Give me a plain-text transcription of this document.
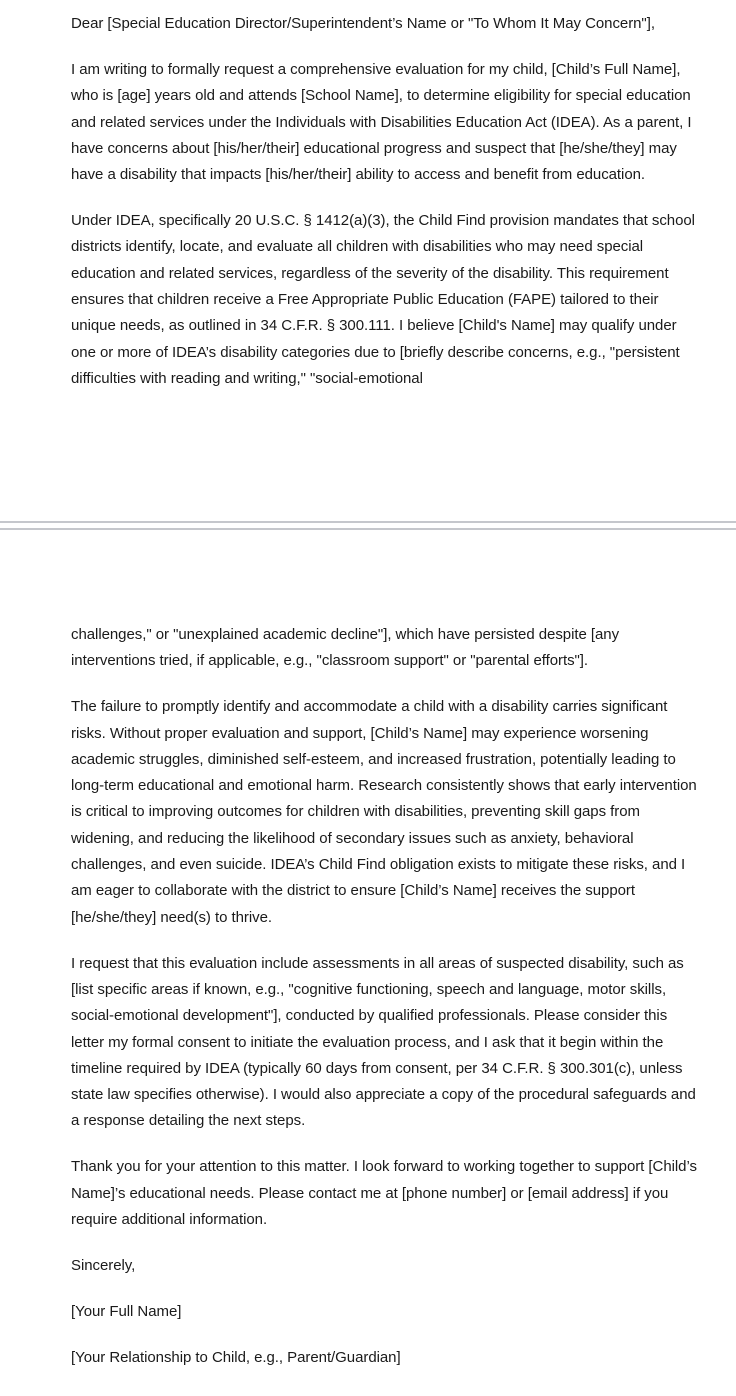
Dear [Special Education Director/Superintendent’s Name or "To Whom It May Concern"],

I am writing to formally request a comprehensive evaluation for my child, [Child’s Full Name], who is [age] years old and attends [School Name], to determine eligibility for special education and related services under the Individuals with Disabilities Education Act (IDEA). As a parent, I have concerns about [his/her/their] educational progress and suspect that [he/she/they] may have a disability that impacts [his/her/their] ability to access and benefit from education.

Under IDEA, specifically 20 U.S.C. § 1412(a)(3), the Child Find provision mandates that school districts identify, locate, and evaluate all children with disabilities who may need special education and related services, regardless of the severity of the disability. This requirement ensures that children receive a Free Appropriate Public Education (FAPE) tailored to their unique needs, as outlined in 34 C.F.R. § 300.111. I believe [Child's Name] may qualify under one or more of IDEA’s disability categories due to [briefly describe concerns, e.g., "persistent difficulties with reading and writing," "social-emotional

challenges," or "unexplained academic decline"], which have persisted despite [any interventions tried, if applicable, e.g., "classroom support" or "parental efforts"].

The failure to promptly identify and accommodate a child with a disability carries significant risks. Without proper evaluation and support, [Child’s Name] may experience worsening academic struggles, diminished self-esteem, and increased frustration, potentially leading to long-term educational and emotional harm. Research consistently shows that early intervention is critical to improving outcomes for children with disabilities, preventing skill gaps from widening, and reducing the likelihood of secondary issues such as anxiety, behavioral challenges, and even suicide. IDEA’s Child Find obligation exists to mitigate these risks, and I am eager to collaborate with the district to ensure [Child’s Name] receives the support [he/she/they] need(s) to thrive.

I request that this evaluation include assessments in all areas of suspected disability, such as [list specific areas if known, e.g., "cognitive functioning, speech and language, motor skills, social-emotional development"], conducted by qualified professionals. Please consider this letter my formal consent to initiate the evaluation process, and I ask that it begin within the timeline required by IDEA (typically 60 days from consent, per 34 C.F.R. § 300.301(c), unless state law specifies otherwise). I would also appreciate a copy of the procedural safeguards and a response detailing the next steps.

Thank you for your attention to this matter. I look forward to working together to support [Child’s Name]’s educational needs. Please contact me at [phone number] or [email address] if you require additional information.

Sincerely,

[Your Full Name]

[Your Relationship to Child, e.g., Parent/Guardian]
